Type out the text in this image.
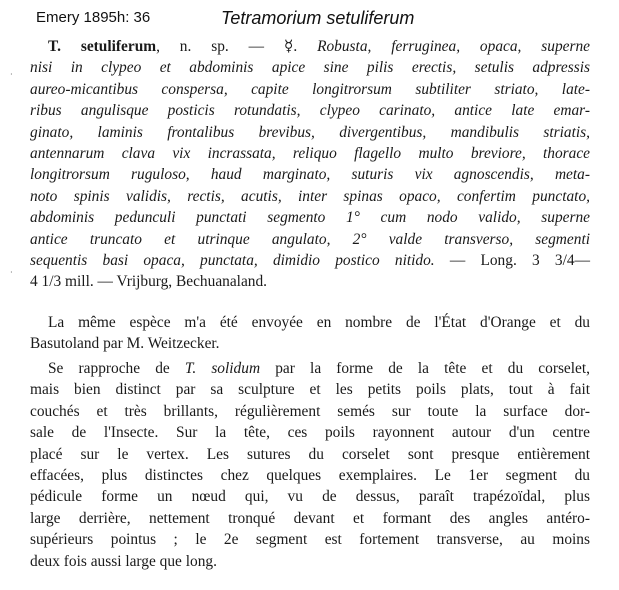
Emery 1895h: 36	Tetramorium setuliferum
·
·
T. setuliferum, n. sp. — ☿. Robusta, ferruginea, opaca, superne
nisi in clypeo et abdominis apice sine pilis erectis, setulis adpressis
aureo-micantibus conspersa, capite longitrorsum subtiliter striato, late-
ribus angulisque posticis rotundatis, clypeo carinato, antice late emar-
ginato, laminis frontalibus brevibus, divergentibus, mandibulis striatis,
antennarum clava vix incrassata, reliquo flagello multo breviore, thorace
longitrorsum ruguloso, haud marginato, suturis vix agnoscendis, meta-
noto spinis validis, rectis, acutis, inter spinas opaco, confertim punctato,
abdominis pedunculi punctati segmento 1° cum nodo valido, superne
antice truncato et utrinque angulato, 2° valde transverso, segmenti
sequentis basi opaca, punctata, dimidio postico nitido. — Long. 3 3/4—
4 1/3 mill. — Vrijburg, Bechuanaland.
La même espèce m'a été envoyée en nombre de l'État d'Orange et du
Basutoland par M. Weitzecker.
Se rapproche de T. solidum par la forme de la tête et du corselet,
mais bien distinct par sa sculpture et les petits poils plats, tout à fait
couchés et très brillants, régulièrement semés sur toute la surface dor-
sale de l'Insecte. Sur la tête, ces poils rayonnent autour d'un centre
placé sur le vertex. Les sutures du corselet sont presque entièrement
effacées, plus distinctes chez quelques exemplaires. Le 1er segment du
pédicule forme un nœud qui, vu de dessus, paraît trapézoïdal, plus
large derrière, nettement tronqué devant et formant des angles antéro-
supérieurs pointus ; le 2e segment est fortement transverse, au moins
deux fois aussi large que long.
